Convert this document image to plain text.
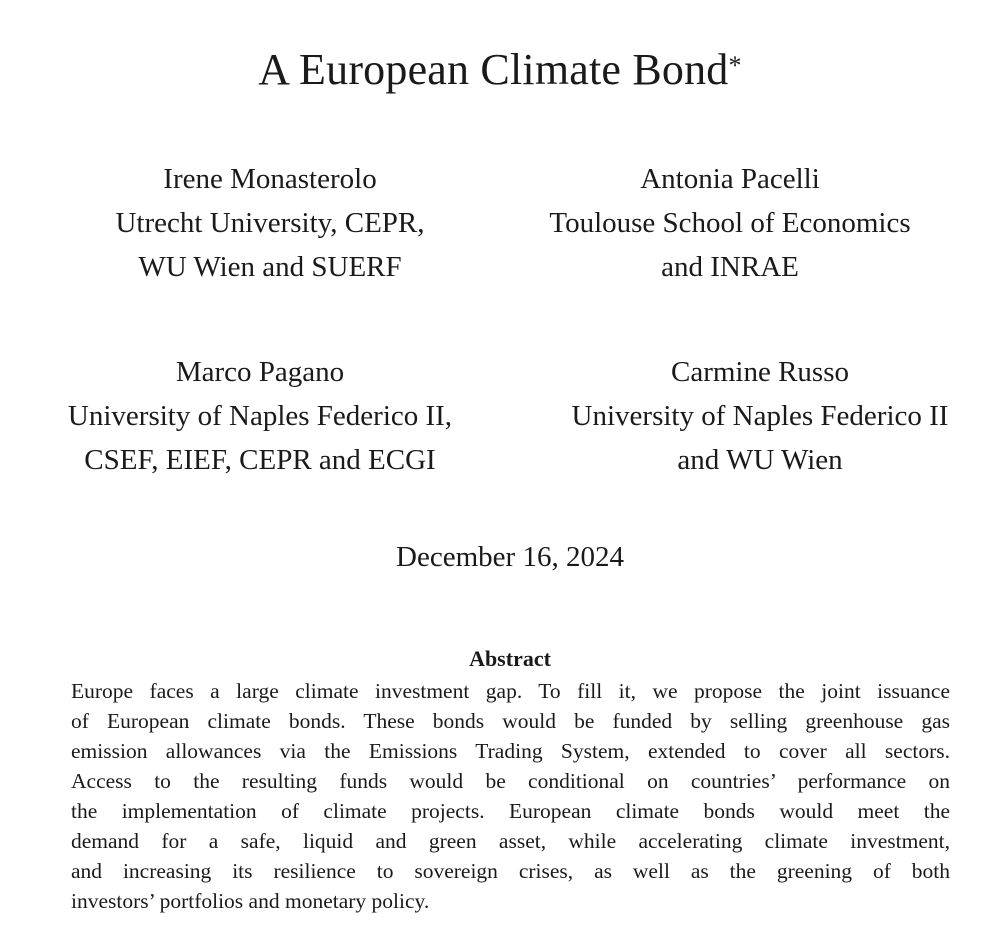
A European Climate Bond*
Irene Monasterolo
Utrecht University, CEPR,
WU Wien and SUERF
Antonia Pacelli
Toulouse School of Economics
and INRAE
Marco Pagano
University of Naples Federico II,
CSEF, EIEF, CEPR and ECGI
Carmine Russo
University of Naples Federico II
and WU Wien
December 16, 2024
Abstract
Europe faces a large climate investment gap. To fill it, we propose the joint issuance
of European climate bonds. These bonds would be funded by selling greenhouse gas
emission allowances via the Emissions Trading System, extended to cover all sectors.
Access to the resulting funds would be conditional on countries’ performance on
the implementation of climate projects. European climate bonds would meet the
demand for a safe, liquid and green asset, while accelerating climate investment,
and increasing its resilience to sovereign crises, as well as the greening of both
investors’ portfolios and monetary policy.
